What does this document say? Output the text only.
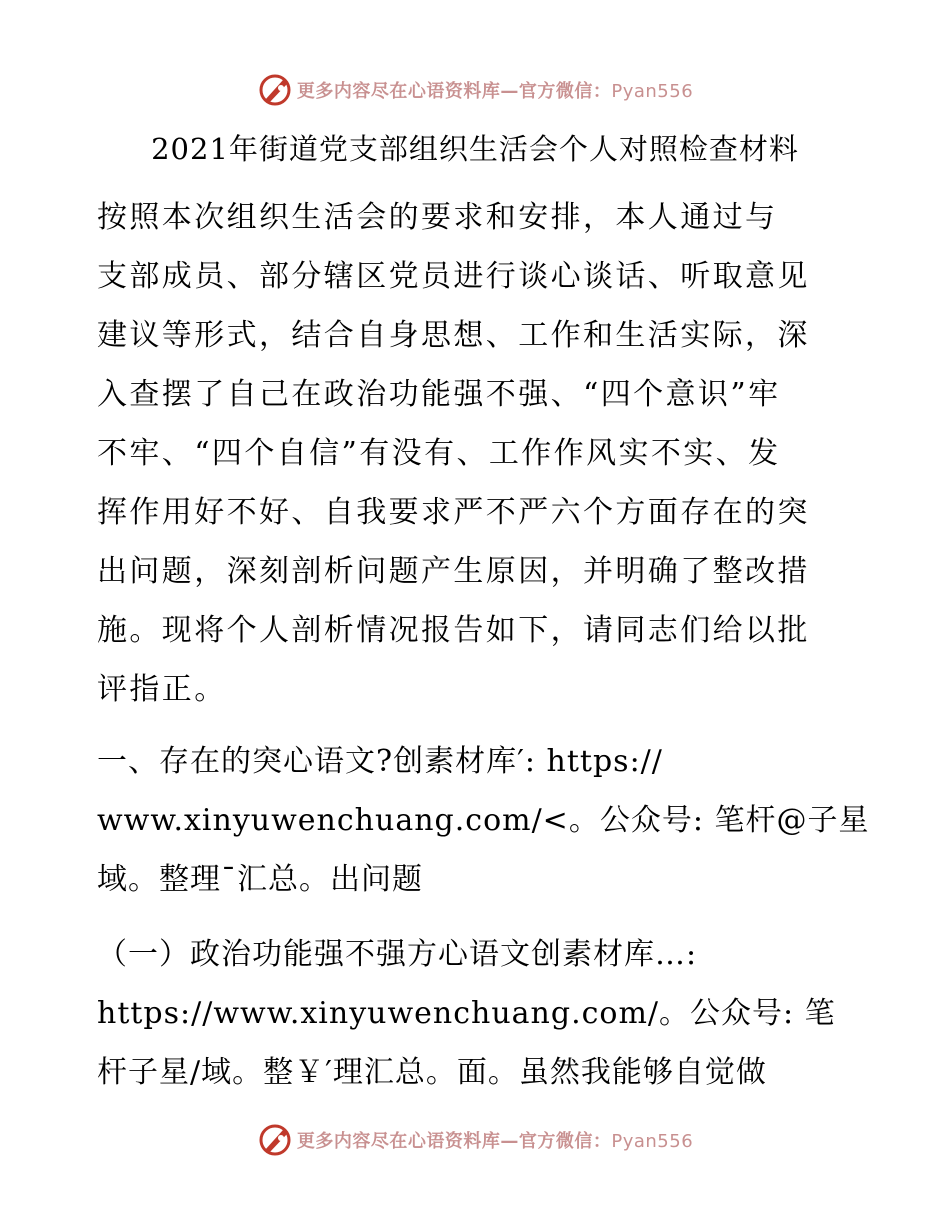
更多内容尽在心语资料库—官方微信：Pyan556
2021年街道党支部组织生活会个人对照检查材料
按照本次组织生活会的要求和安排，本人通过与
支部成员、部分辖区党员进行谈心谈话、听取意见
建议等形式，结合自身思想、工作和生活实际，深
入查摆了自己在政治功能强不强、“四个意识”牢
不牢、“四个自信”有没有、工作作风实不实、发
挥作用好不好、自我要求严不严六个方面存在的突
出问题，深刻剖析问题产生原因，并明确了整改措
施。现将个人剖析情况报告如下，请同志们给以批
评指正。
一、存在的突心语文?创素材库′: https://
www.xinyuwenchuang.com/<。公众号: 笔杆@子星
域。整理¯汇总。出问题
（一）政治功能强不强方心语文创素材库…:
https://www.xinyuwenchuang.com/。公众号: 笔
杆子星/域。整￥′理汇总。面。虽然我能够自觉做
更多内容尽在心语资料库—官方微信：Pyan556
